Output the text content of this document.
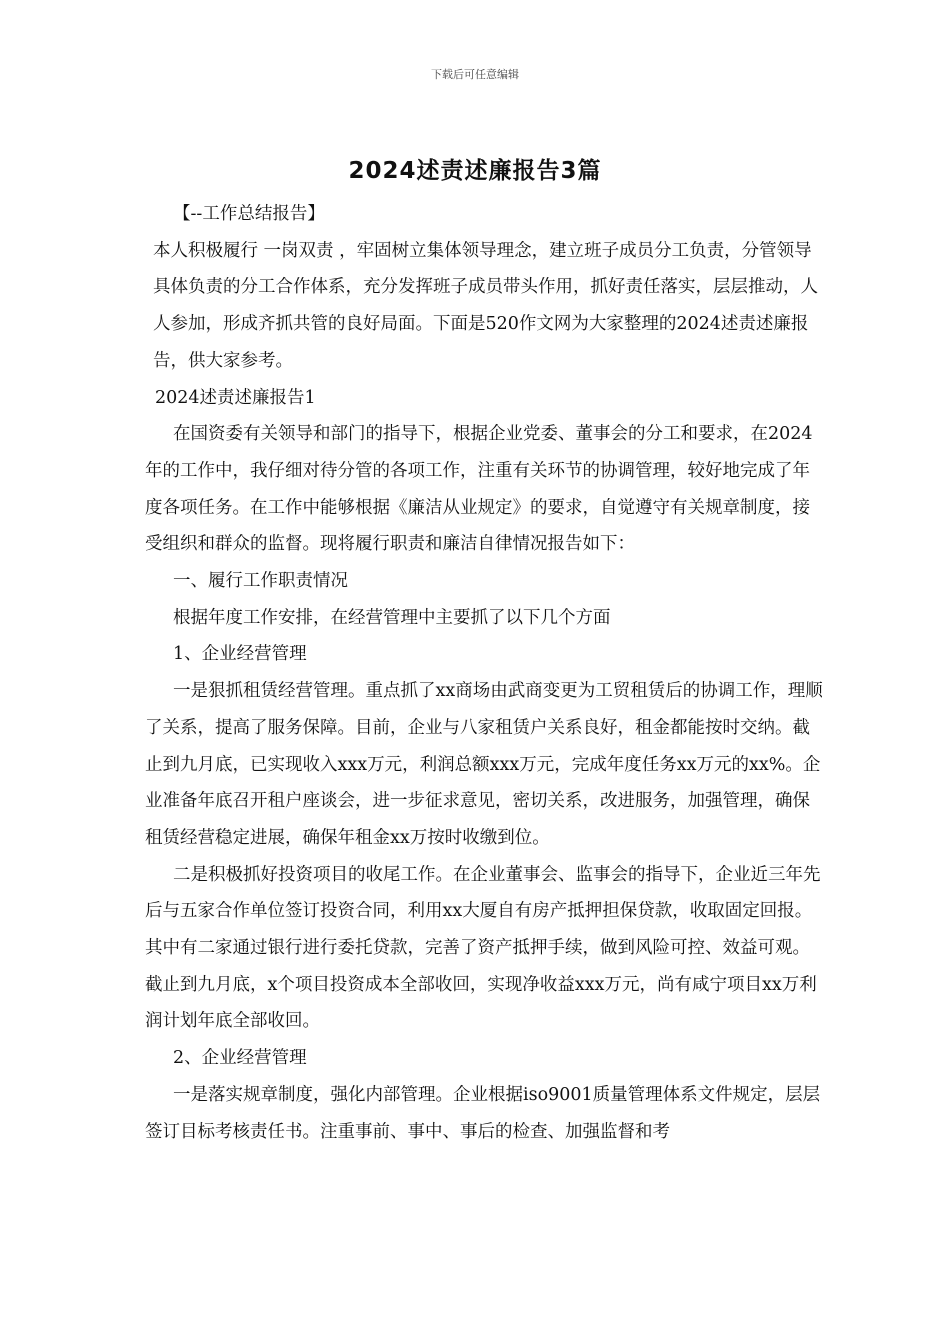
下载后可任意编辑
2024述责述廉报告3篇

【--工作总结报告】

本人积极履行 一岗双责 ，牢固树立集体领导理念，建立班子成员分工负责，分管领导具体负责的分工合作体系，充分发挥班子成员带头作用，抓好责任落实，层层推动，人人参加，形成齐抓共管的良好局面。下面是520作文网为大家整理的2024述责述廉报告，供大家参考。

2024述责述廉报告1

在国资委有关领导和部门的指导下，根据企业党委、董事会的分工和要求，在2024年的工作中，我仔细对待分管的各项工作，注重有关环节的协调管理，较好地完成了年度各项任务。在工作中能够根据《廉洁从业规定》的要求，自觉遵守有关规章制度，接受组织和群众的监督。现将履行职责和廉洁自律情况报告如下：

一、履行工作职责情况

根据年度工作安排，在经营管理中主要抓了以下几个方面

1、企业经营管理

一是狠抓租赁经营管理。重点抓了xx商场由武商变更为工贸租赁后的协调工作，理顺了关系，提高了服务保障。目前，企业与八家租赁户关系良好，租金都能按时交纳。截止到九月底，已实现收入xxx万元，利润总额xxx万元，完成年度任务xx万元的xx%。企业准备年底召开租户座谈会，进一步征求意见，密切关系，改进服务，加强管理，确保租赁经营稳定进展，确保年租金xx万按时收缴到位。

二是积极抓好投资项目的收尾工作。在企业董事会、监事会的指导下，企业近三年先后与五家合作单位签订投资合同，利用xx大厦自有房产抵押担保贷款，收取固定回报。其中有二家通过银行进行委托贷款，完善了资产抵押手续，做到风险可控、效益可观。截止到九月底，x个项目投资成本全部收回，实现净收益xxx万元，尚有咸宁项目xx万利润计划年底全部收回。

2、企业经营管理

一是落实规章制度，强化内部管理。企业根据iso9001质量管理体系文件规定，层层签订目标考核责任书。注重事前、事中、事后的检查、加强监督和考
